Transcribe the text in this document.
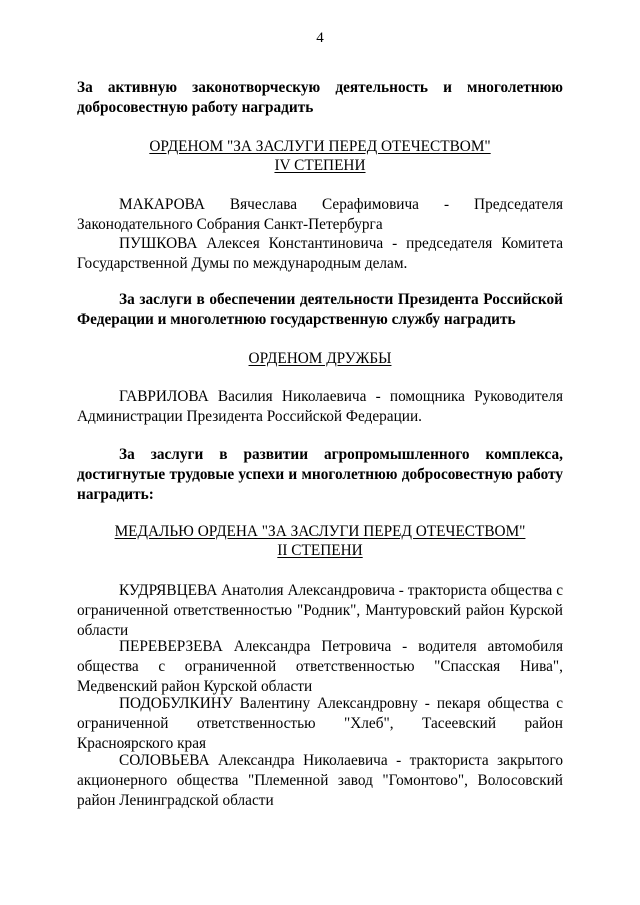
4
За активную законотворческую деятельность и многолетнюю добросовестную работу наградить
ОРДЕНОМ "ЗА ЗАСЛУГИ ПЕРЕД ОТЕЧЕСТВОМ"
IV СТЕПЕНИ
МАКАРОВА Вячеслава Серафимовича - Председателя Законодательного Собрания Санкт-Петербурга
ПУШКОВА Алексея Константиновича - председателя Комитета Государственной Думы по международным делам.
За заслуги в обеспечении деятельности Президента Российской Федерации и многолетнюю государственную службу наградить
ОРДЕНОМ ДРУЖБЫ
ГАВРИЛОВА Василия Николаевича - помощника Руководителя Администрации Президента Российской Федерации.
За заслуги в развитии агропромышленного комплекса, достигнутые трудовые успехи и многолетнюю добросовестную работу наградить:
МЕДАЛЬЮ ОРДЕНА "ЗА ЗАСЛУГИ ПЕРЕД ОТЕЧЕСТВОМ"
II СТЕПЕНИ
КУДРЯВЦЕВА Анатолия Александровича - тракториста общества с ограниченной ответственностью "Родник", Мантуровский район Курской области
ПЕРЕВЕРЗЕВА Александра Петровича - водителя автомобиля общества с ограниченной ответственностью "Спасская Нива", Медвенский район Курской области
ПОДОБУЛКИНУ Валентину Александровну - пекаря общества с ограниченной ответственностью "Хлеб", Тасеевский район Красноярского края
СОЛОВЬЕВА Александра Николаевича - тракториста закрытого акционерного общества "Племенной завод "Гомонтово", Волосовский район Ленинградской области
